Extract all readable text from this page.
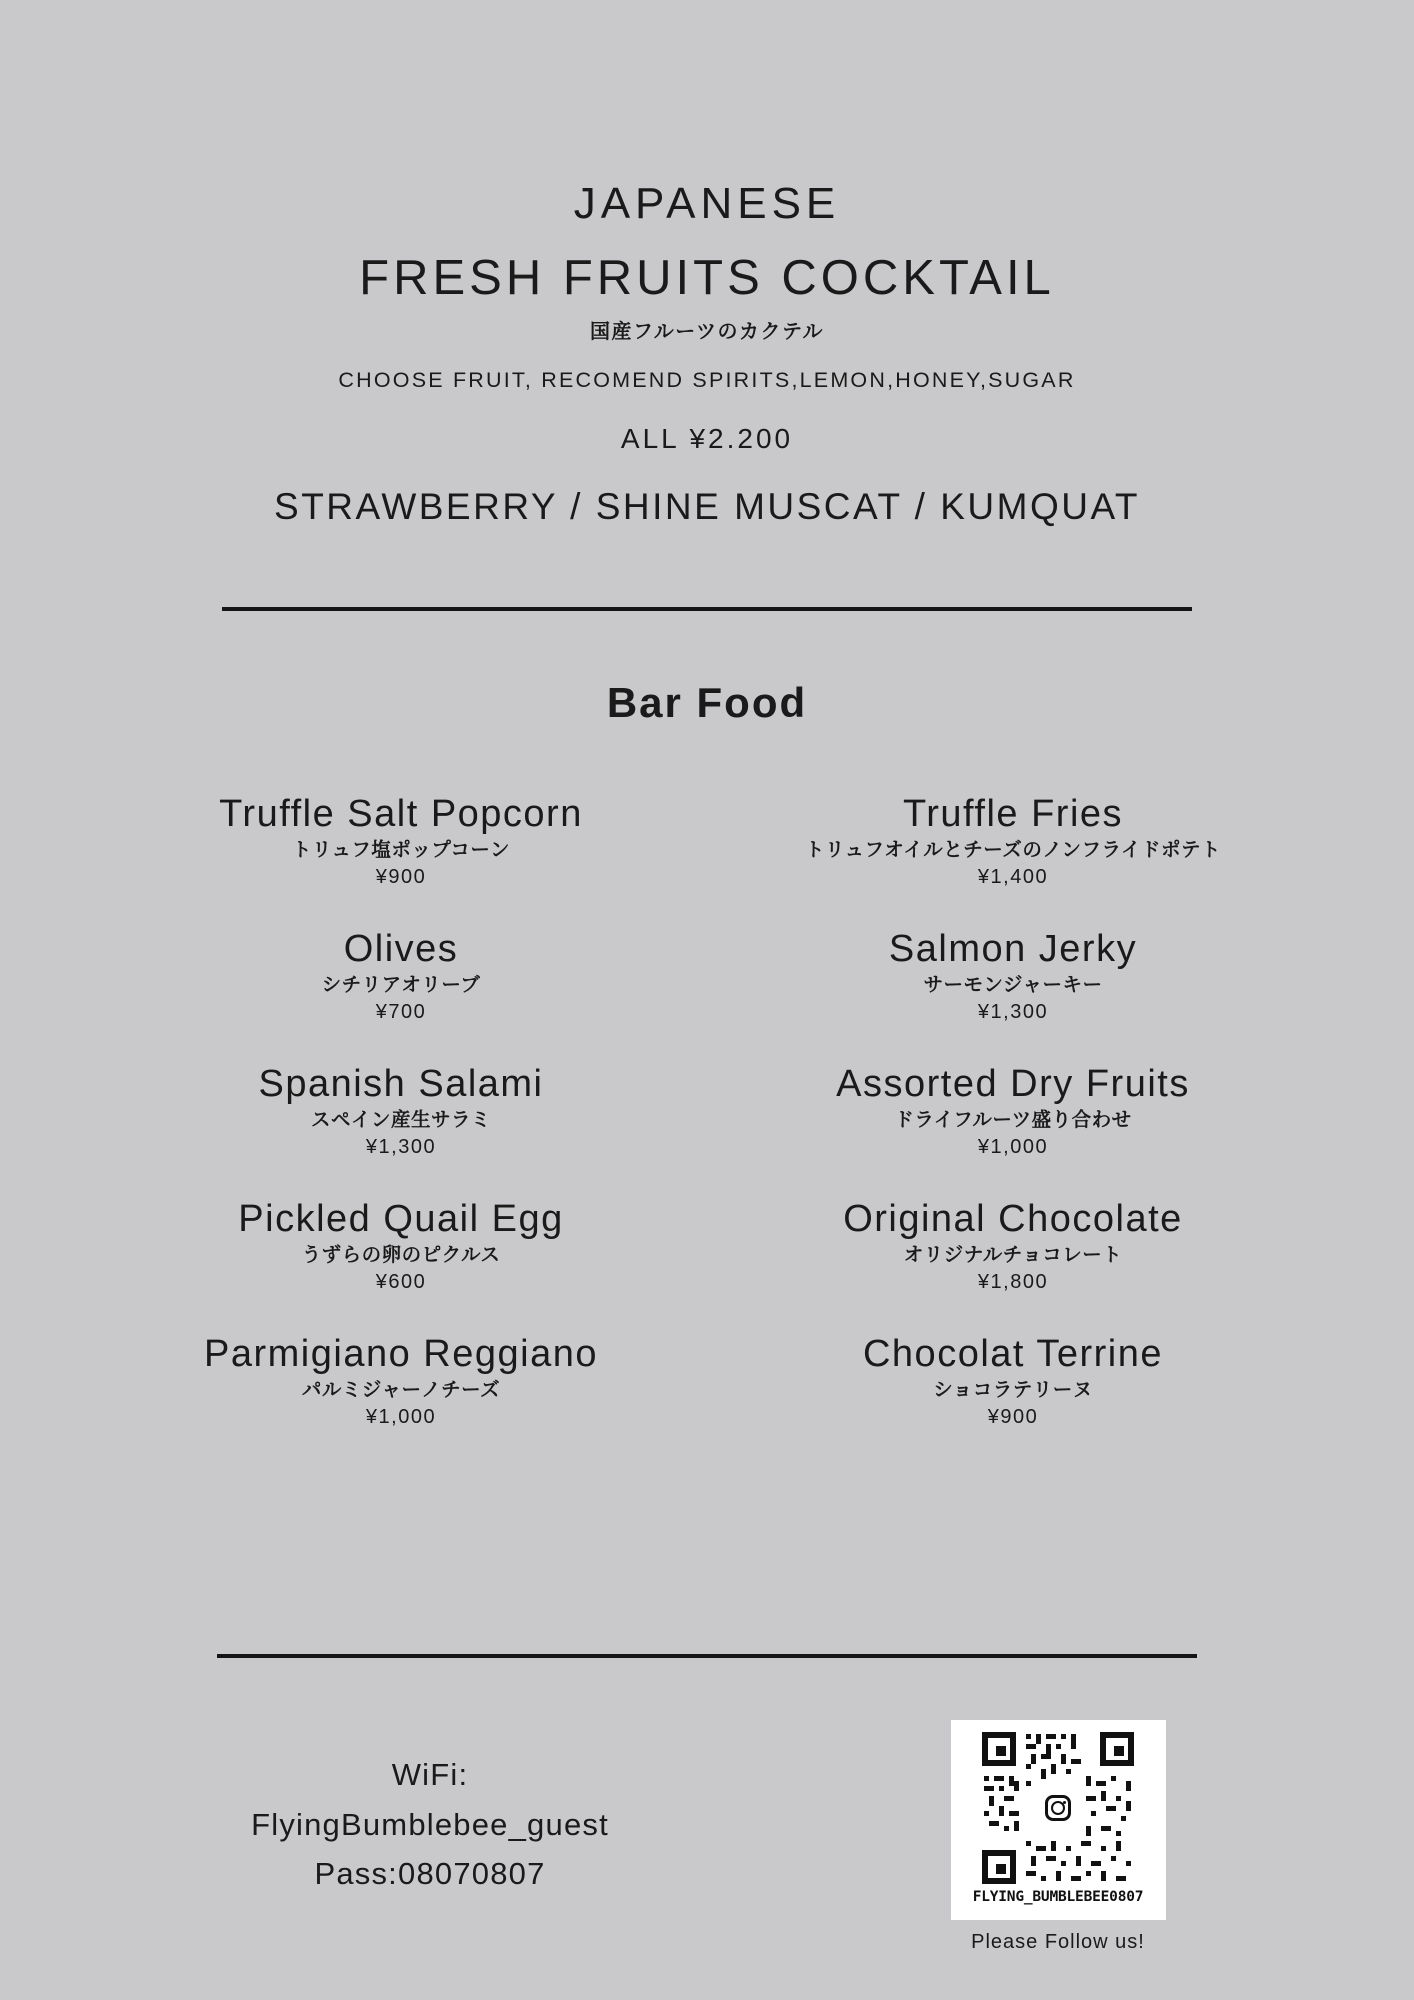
JAPANESE
FRESH FRUITS COCKTAIL
国産フルーツのカクテル
CHOOSE FRUIT, RECOMEND SPIRITS,LEMON,HONEY,SUGAR
ALL ¥2.200
STRAWBERRY / SHINE MUSCAT / KUMQUAT
Bar Food
Truffle Salt Popcorn
トリュフ塩ポップコーン
¥900
Truffle Fries
トリュフオイルとチーズのノンフライドポテト
¥1,400
Olives
シチリアオリーブ
¥700
Salmon Jerky
サーモンジャーキー
¥1,300
Spanish Salami
スペイン産生サラミ
¥1,300
Assorted Dry Fruits
ドライフルーツ盛り合わせ
¥1,000
Pickled Quail Egg
うずらの卵のピクルス
¥600
Original Chocolate
オリジナルチョコレート
¥1,800
Parmigiano Reggiano
パルミジャーノチーズ
¥1,000
Chocolat Terrine
ショコラテリーヌ
¥900
WiFi:
FlyingBumblebee_guest
Pass:08070807
FLYING_BUMBLEBEE0807
Please Follow us!
